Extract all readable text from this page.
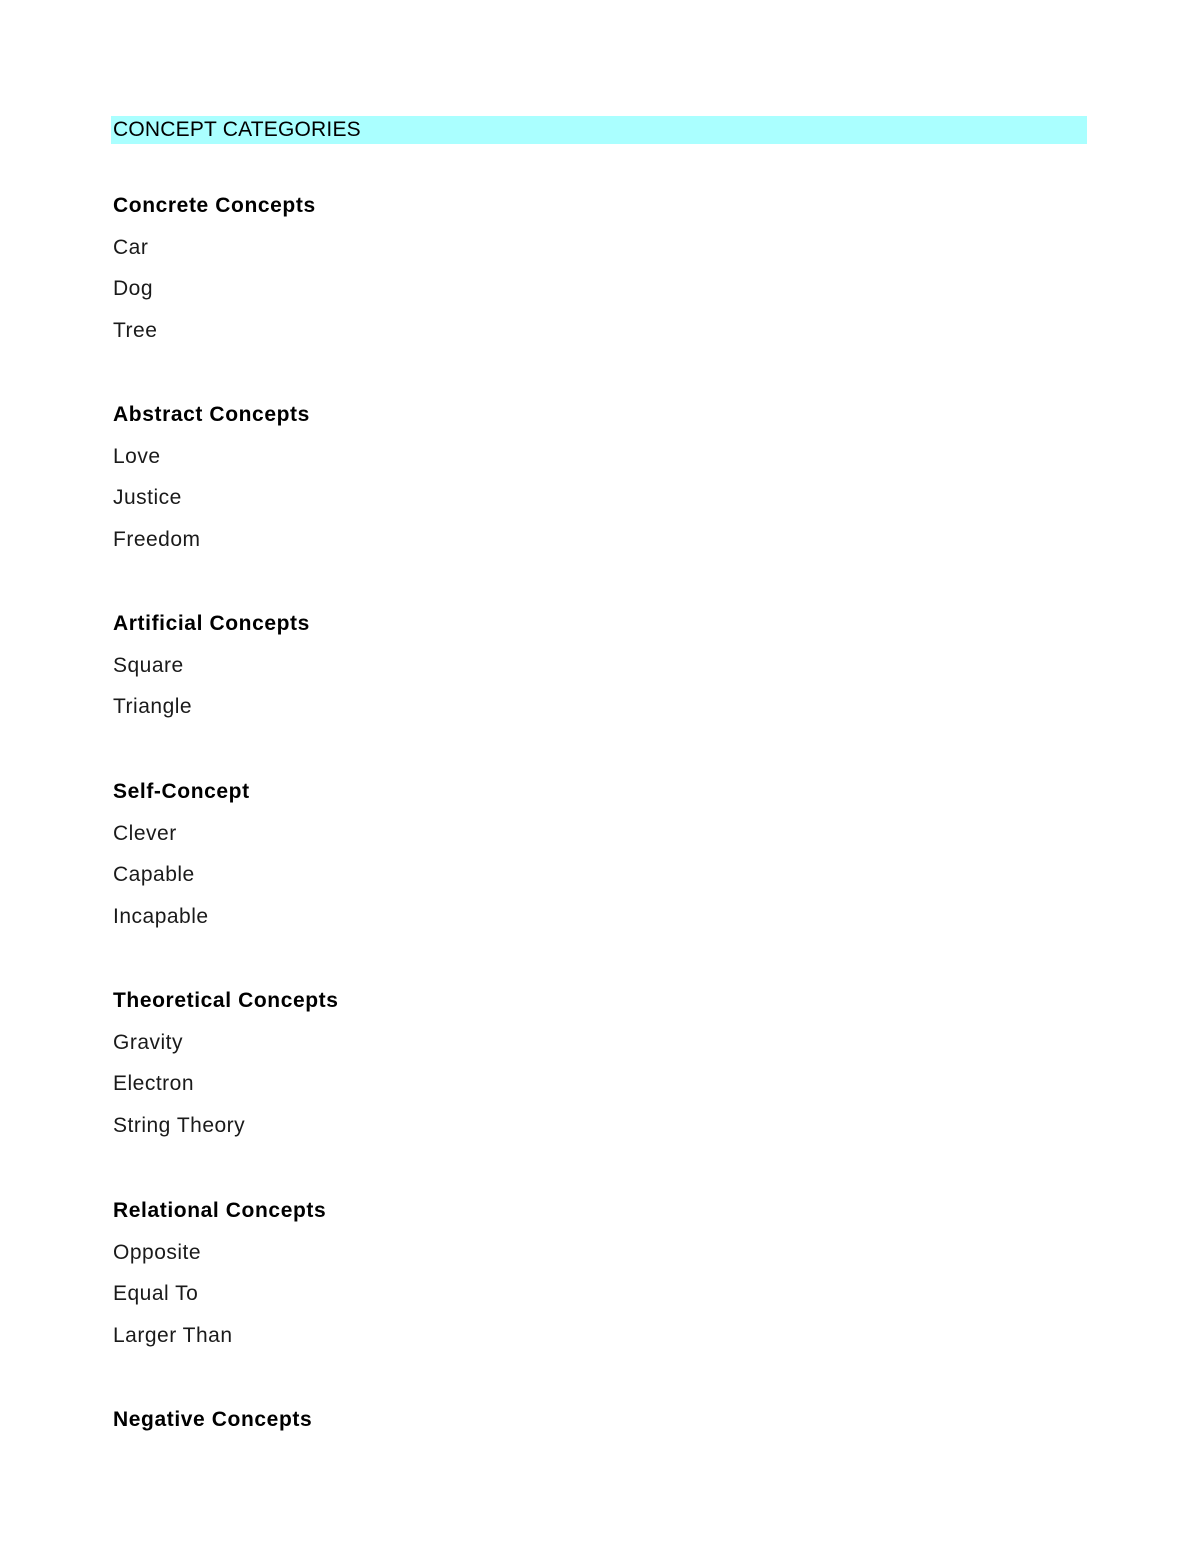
CONCEPT CATEGORIES
Concrete Concepts
Car
Dog
Tree
Abstract Concepts
Love
Justice
Freedom
Artificial Concepts
Square
Triangle
Self-Concept
Clever
Capable
Incapable
Theoretical Concepts
Gravity
Electron
String Theory
Relational Concepts
Opposite
Equal To
Larger Than
Negative Concepts
